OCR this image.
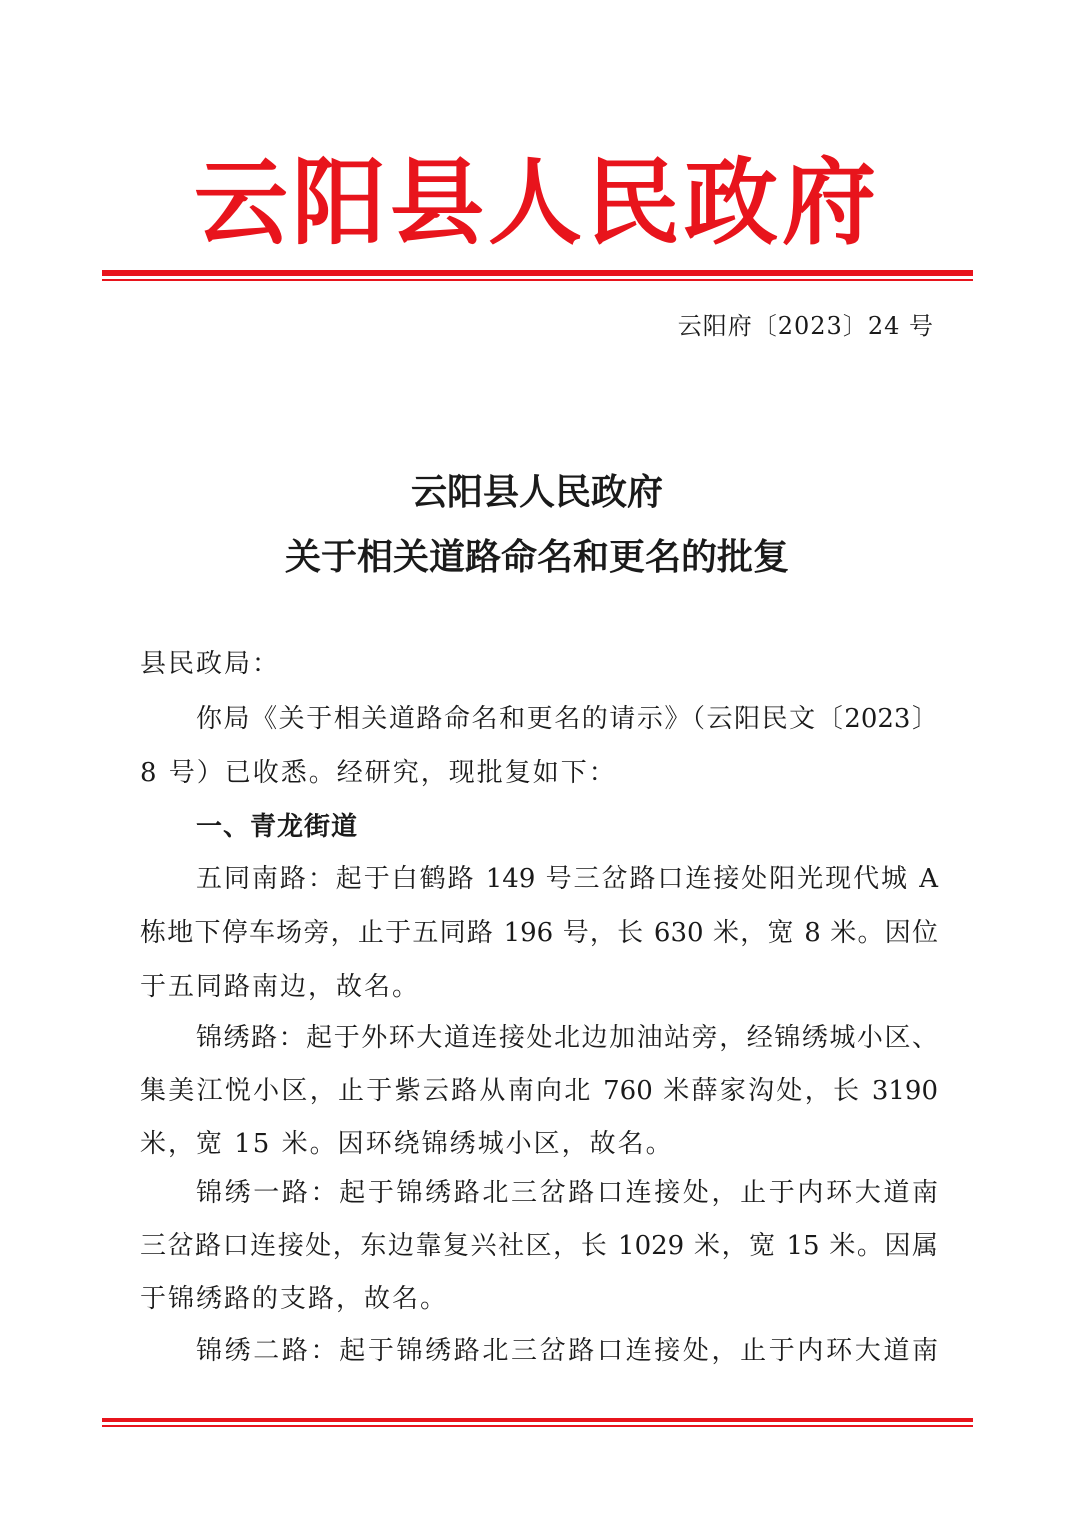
云阳县人民政府
云阳府〔2023〕24 号
云阳县人民政府
关于相关道路命名和更名的批复
县民政局：
你局《关于相关道路命名和更名的请示》（云阳民文〔2023〕
8 号）已收悉。经研究，现批复如下：
一、青龙街道
五同南路：起于白鹤路 149 号三岔路口连接处阳光现代城 A
栋地下停车场旁，止于五同路 196 号，长 630 米，宽 8 米。因位
于五同路南边，故名。
锦绣路：起于外环大道连接处北边加油站旁，经锦绣城小区、
集美江悦小区，止于紫云路从南向北 760 米薛家沟处，长 3190
米，宽 15 米。因环绕锦绣城小区，故名。
锦绣一路：起于锦绣路北三岔路口连接处，止于内环大道南
三岔路口连接处，东边靠复兴社区，长 1029 米，宽 15 米。因属
于锦绣路的支路，故名。
锦绣二路：起于锦绣路北三岔路口连接处，止于内环大道南
